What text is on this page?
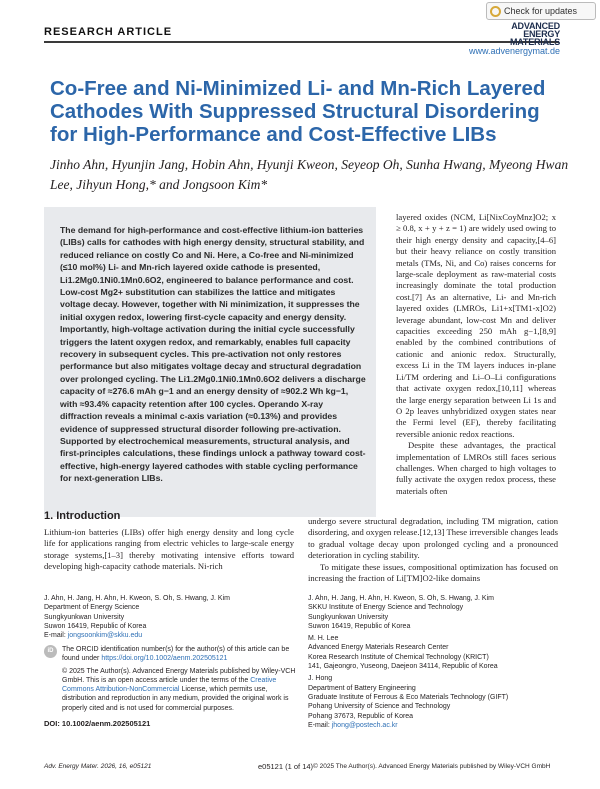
RESEARCH ARTICLE
Check for updates
ADVANCED
ENERGY
MATERIALS
www.advenergymat.de
Co-Free and Ni-Minimized Li- and Mn-Rich Layered Cathodes With Suppressed Structural Disordering for High-Performance and Cost-Effective LIBs
Jinho Ahn, Hyunjin Jang, Hobin Ahn, Hyunji Kweon, Seyeop Oh, Sunha Hwang, Myeong Hwan Lee, Jihyun Hong,* and Jongsoon Kim*
The demand for high-performance and cost-effective lithium-ion batteries (LIBs) calls for cathodes with high energy density, structural stability, and reduced reliance on costly Co and Ni. Here, a Co-free and Ni-minimized (≤10 mol%) Li- and Mn-rich layered oxide cathode is presented, Li1.2Mg0.1Ni0.1Mn0.6O2, engineered to balance performance and cost. Low-cost Mg2+ substitution can stabilizes the lattice and mitigates voltage decay. However, together with Ni minimization, it suppresses the initial oxygen redox, lowering first-cycle capacity and energy density. Importantly, high-voltage activation during the initial cycle successfully triggers the latent oxygen redox, and remarkably, enables full capacity recovery in subsequent cycles. This pre-activation not only restores performance but also mitigates voltage decay and structural degradation over prolonged cycling. The Li1.2Mg0.1Ni0.1Mn0.6O2 delivers a discharge capacity of ≈276.6 mAh g−1 and an energy density of ≈902.2 Wh kg−1, with ≈93.4% capacity retention after 100 cycles. Operando X-ray diffraction reveals a minimal c-axis variation (≈0.13%) and provides evidence of suppressed structural disorder following pre-activation. Supported by electrochemical measurements, structural analysis, and first-principles calculations, these findings unlock a pathway toward cost-effective, high-energy layered cathodes with stable cycling performance for next-generation LIBs.
layered oxides (NCM, Li[NixCoyMnz]O2; x ≥ 0.8, x + y + z = 1) are widely used owing to their high energy density and capacity,[4–6] but their heavy reliance on costly transition metals (TMs, Ni, and Co) raises concerns for large-scale deployment as raw-material costs increasingly dominate the total production cost.[7] As an alternative, Li- and Mn-rich layered oxides (LMROs, Li1+x[TM1-x]O2) leverage abundant, low-cost Mn and deliver capacities exceeding 250 mAh g−1,[8,9] enabled by the combined contributions of cationic and anionic redox. Structurally, excess Li in the TM layers induces in-plane Li/TM ordering and Li–O–Li configurations that activate oxygen redox,[10,11] whereas the large energy separation between Li 1s and O 2p leaves unhybridized oxygen states near the Fermi level (EF), thereby facilitating reversible anionic redox reactions.
Despite these advantages, the practical implementation of LMROs still faces serious challenges. When charged to high voltages to fully activate the oxygen redox process, these materials often
1. Introduction
Lithium-ion batteries (LIBs) offer high energy density and long cycle life for applications ranging from electric vehicles to large-scale energy storage systems,[1–3] thereby motivating intensive efforts toward developing high-capacity cathode materials. Ni-rich
undergo severe structural degradation, including TM migration, cation disordering, and oxygen release.[12,13] These irreversible changes leads to gradual voltage decay upon prolonged cycling and a pronounced deterioration in cycling stability.
To mitigate these issues, compositional optimization has focused on increasing the fraction of Li[TM]O2-like domains
J. Ahn, H. Jang, H. Ahn, H. Kweon, S. Oh, S. Hwang, J. Kim
Department of Energy Science
Sungkyunkwan University
Suwon 16419, Republic of Korea
E-mail: jongsoonkim@skku.edu
J. Ahn, H. Jang, H. Ahn, H. Kweon, S. Oh, S. Hwang, J. Kim
SKKU Institute of Energy Science and Technology
Sungkyunkwan University
Suwon 16419, Republic of Korea
M. H. Lee
Advanced Energy Materials Research Center
Korea Research Institute of Chemical Technology (KRICT)
141, Gajeongro, Yuseong, Daejeon 34114, Republic of Korea
J. Hong
Department of Battery Engineering
Graduate Institute of Ferrous & Eco Materials Technology (GIFT)
Pohang University of Science and Technology
Pohang 37673, Republic of Korea
E-mail: jhong@postech.ac.kr
iD	The ORCID identification number(s) for the author(s) of this article can be found under https://doi.org/10.1002/aenm.202505121
© 2025 The Author(s). Advanced Energy Materials published by Wiley-VCH GmbH. This is an open access article under the terms of the Creative Commons Attribution-NonCommercial License, which permits use, distribution and reproduction in any medium, provided the original work is properly cited and is not used for commercial purposes.
DOI: 10.1002/aenm.202505121
Adv. Energy Mater. 2026, 16, e05121	e05121 (1 of 14) © 2025 The Author(s). Advanced Energy Materials published by Wiley-VCH GmbH
